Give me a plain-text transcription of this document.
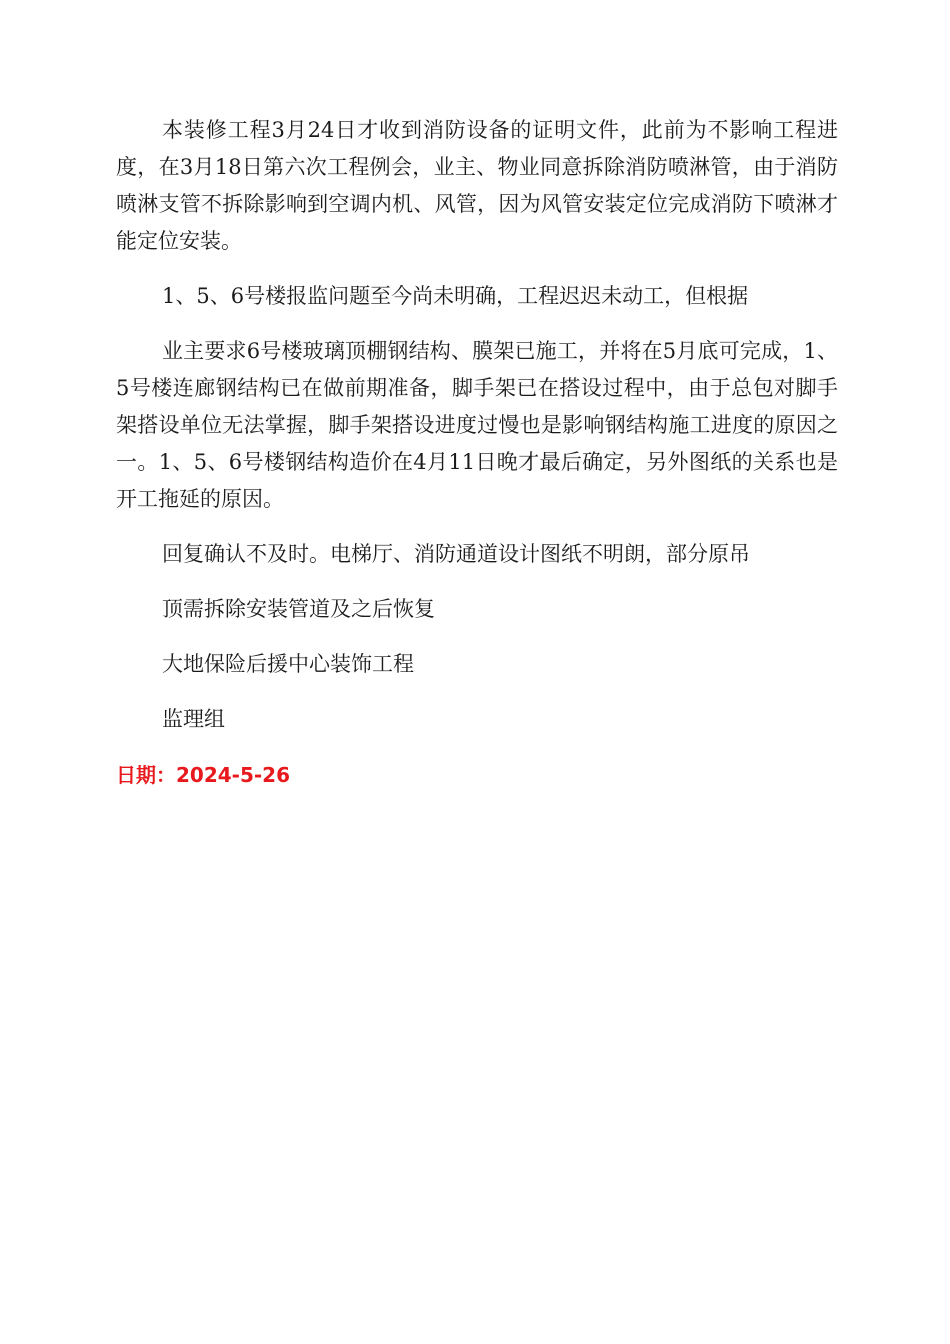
本装修工程3月24日才收到消防设备的证明文件，此前为不影响工程进度，在3月18日第六次工程例会，业主、物业同意拆除消防喷淋管，由于消防喷淋支管不拆除影响到空调内机、风管，因为风管安装定位完成消防下喷淋才能定位安装。

1、5、6号楼报监问题至今尚未明确，工程迟迟未动工，但根据

业主要求6号楼玻璃顶棚钢结构、膜架已施工，并将在5月底可完成，1、5号楼连廊钢结构已在做前期准备，脚手架已在搭设过程中，由于总包对脚手架搭设单位无法掌握，脚手架搭设进度过慢也是影响钢结构施工进度的原因之一。1、5、6号楼钢结构造价在4月11日晚才最后确定，另外图纸的关系也是开工拖延的原因。

回复确认不及时。电梯厅、消防通道设计图纸不明朗，部分原吊

顶需拆除安装管道及之后恢复

大地保险后援中心装饰工程

监理组

日期：2024-5-26
